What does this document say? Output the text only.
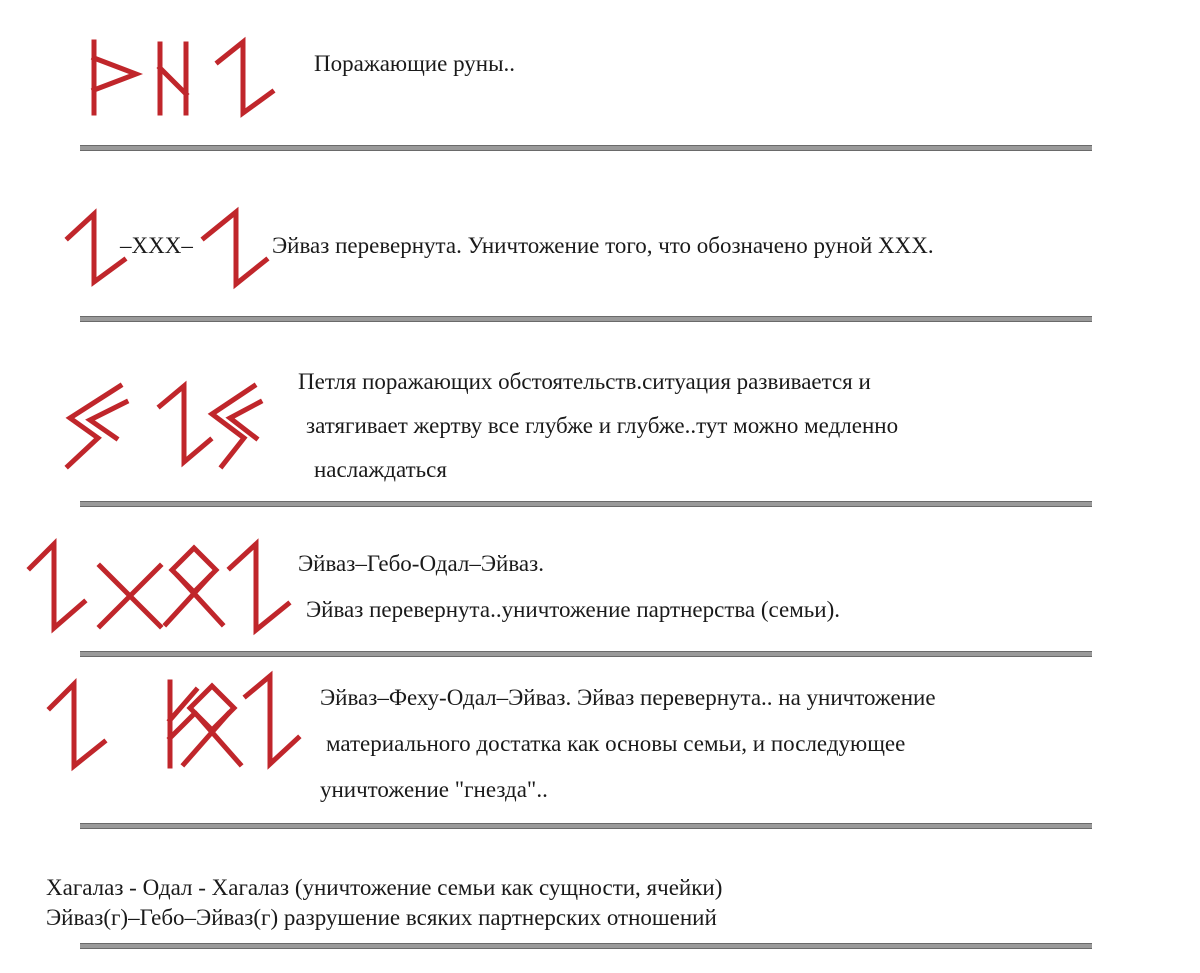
Поражающие руны..
–XXX–	Эйваз перевернута. Уничтожение того, что обозначено руной XXX.
Петля поражающих обстоятельств.ситуация развивается и
затягивает жертву все глубже и глубже..тут можно медленно
наслаждаться
Эйваз–Гебо-Одал–Эйваз.
Эйваз перевернута..уничтожение партнерства (семьи).
Эйваз–Феху-Одал–Эйваз. Эйваз перевернута.. на уничтожение
материального достатка как основы семьи, и последующее
уничтожение "гнезда"..
Хагалаз - Одал - Хагалаз (уничтожение семьи как сущности, ячейки)
Эйваз(г)–Гебо–Эйваз(г) разрушение всяких партнерских отношений
